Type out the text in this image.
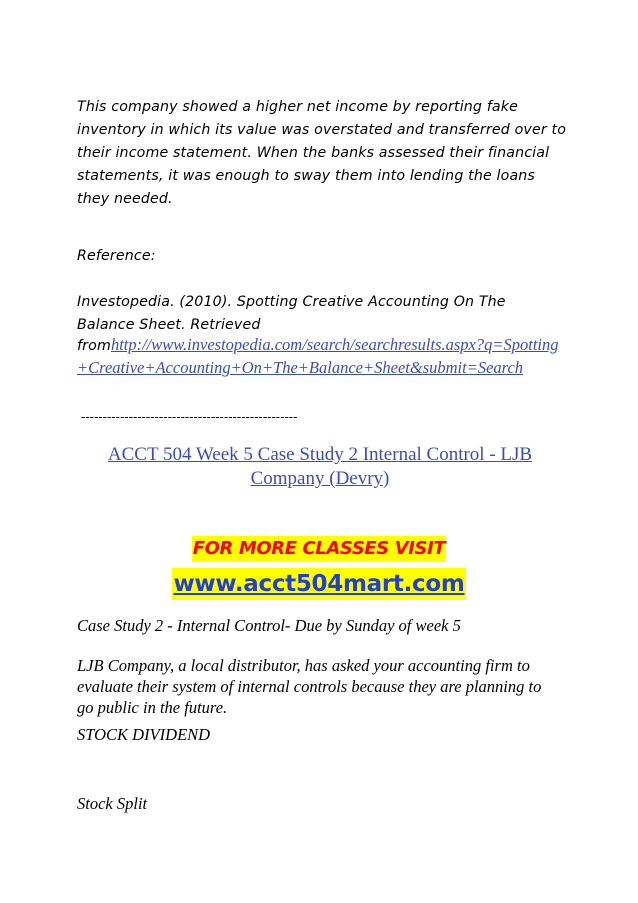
This company showed a higher net income by reporting fake inventory in which its value was overstated and transferred over to their income statement. When the banks assessed their financial statements, it was enough to sway them into lending the loans they needed.

Reference:

Investopedia. (2010). Spotting Creative Accounting On The Balance Sheet. Retrieved

fromhttp://www.investopedia.com/search/searchresults.aspx?q=Spotting+Creative+Accounting+On+The+Balance+Sheet&submit=Search

--------------------------------------------------
ACCT 504 Week 5 Case Study 2 Internal Control - LJB Company (Devry)
FOR MORE CLASSES VISIT
www.acct504mart.com

Case Study 2 - Internal Control- Due by Sunday of week 5

LJB Company, a local distributor, has asked your accounting firm to evaluate their system of internal controls because they are planning to go public in the future.

STOCK DIVIDEND

Stock Split
